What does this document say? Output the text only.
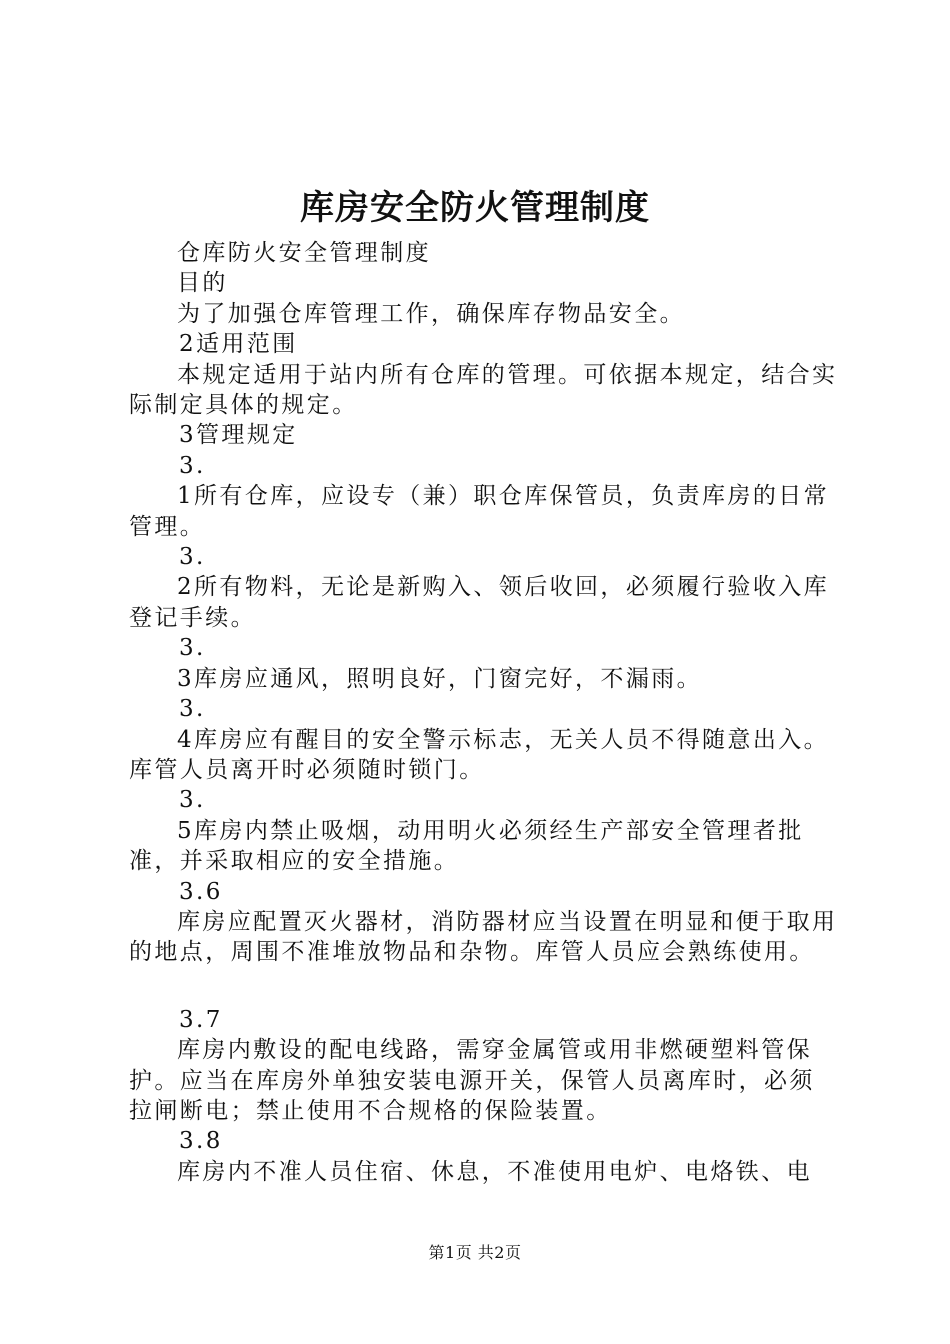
库房安全防火管理制度

仓库防火安全管理制度

目的

为了加强仓库管理工作，确保库存物品安全。

2适用范围

本规定适用于站内所有仓库的管理。可依据本规定，结合实际制定具体的规定。

3管理规定

3.

1所有仓库，应设专（兼）职仓库保管员，负责库房的日常管理。

3.

2所有物料，无论是新购入、领后收回，必须履行验收入库登记手续。

3.

3库房应通风，照明良好，门窗完好，不漏雨。

3.

4库房应有醒目的安全警示标志，无关人员不得随意出入。库管人员离开时必须随时锁门。

3.

5库房内禁止吸烟，动用明火必须经生产部安全管理者批准，并采取相应的安全措施。

3.6

库房应配置灭火器材，消防器材应当设置在明显和便于取用的地点，周围不准堆放物品和杂物。库管人员应会熟练使用。

3.7

库房内敷设的配电线路，需穿金属管或用非燃硬塑料管保护。应当在库房外单独安装电源开关，保管人员离库时，必须拉闸断电；禁止使用不合规格的保险装置。

3.8

库房内不准人员住宿、休息，不准使用电炉、电烙铁、电

第1页 共2页
